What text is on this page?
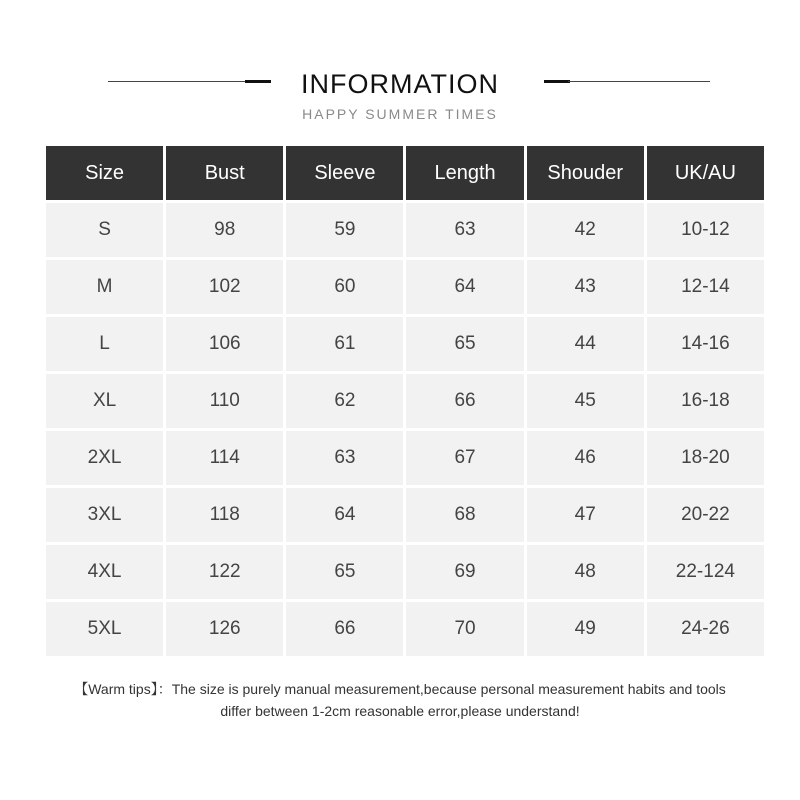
INFORMATION
HAPPY SUMMER TIMES
Size	Bust	Sleeve	Length	Shouder	UK/AU
S	98	59	63	42	10-12
M	102	60	64	43	12-14
L	106	61	65	44	14-16
XL	110	62	66	45	16-18
2XL	114	63	67	46	18-20
3XL	118	64	68	47	20-22
4XL	122	65	69	48	22-124
5XL	126	66	70	49	24-26
【Warm tips】：The size is purely manual measurement,because personal measurement habits and tools
differ between 1-2cm reasonable error,please understand!
